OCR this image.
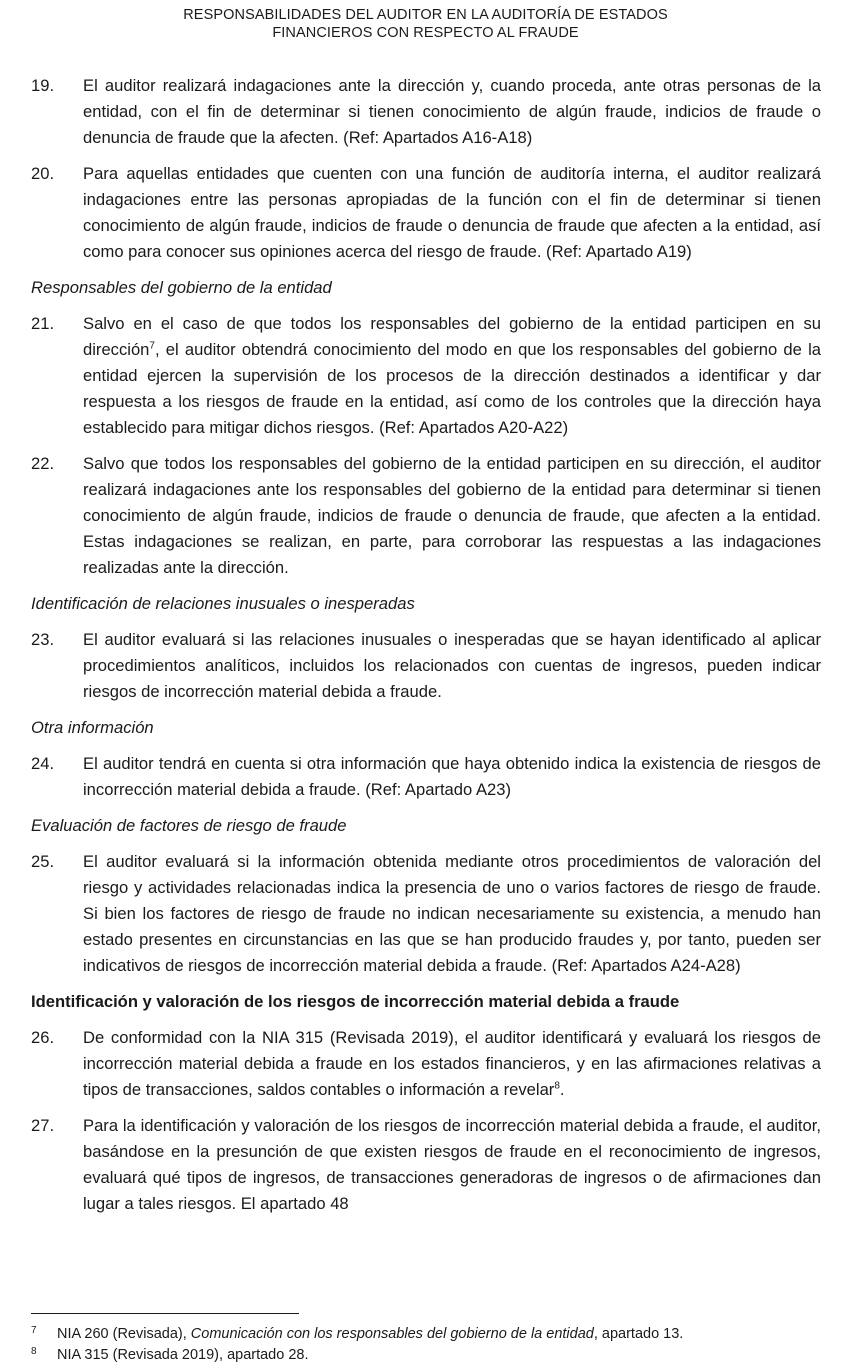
RESPONSABILIDADES DEL AUDITOR EN LA AUDITORÍA DE ESTADOS
FINANCIEROS CON RESPECTO AL FRAUDE
19.	El auditor realizará indagaciones ante la dirección y, cuando proceda, ante otras personas de la entidad, con el fin de determinar si tienen conocimiento de algún fraude, indicios de fraude o denuncia de fraude que la afecten. (Ref: Apartados A16-A18)
20.	Para aquellas entidades que cuenten con una función de auditoría interna, el auditor realizará indagaciones entre las personas apropiadas de la función con el fin de determinar si tienen conocimiento de algún fraude, indicios de fraude o denuncia de fraude que afecten a la entidad, así como para conocer sus opiniones acerca del riesgo de fraude. (Ref: Apartado A19)
Responsables del gobierno de la entidad
21.	Salvo en el caso de que todos los responsables del gobierno de la entidad participen en su dirección$^7$, el auditor obtendrá conocimiento del modo en que los responsables del gobierno de la entidad ejercen la supervisión de los procesos de la dirección destinados a identificar y dar respuesta a los riesgos de fraude en la entidad, así como de los controles que la dirección haya establecido para mitigar dichos riesgos. (Ref: Apartados A20-A22)
22.	Salvo que todos los responsables del gobierno de la entidad participen en su dirección, el auditor realizará indagaciones ante los responsables del gobierno de la entidad para determinar si tienen conocimiento de algún fraude, indicios de fraude o denuncia de fraude, que afecten a la entidad. Estas indagaciones se realizan, en parte, para corroborar las respuestas a las indagaciones realizadas ante la dirección.
Identificación de relaciones inusuales o inesperadas
23.	El auditor evaluará si las relaciones inusuales o inesperadas que se hayan identificado al aplicar procedimientos analíticos, incluidos los relacionados con cuentas de ingresos, pueden indicar riesgos de incorrección material debida a fraude.
Otra información
24.	El auditor tendrá en cuenta si otra información que haya obtenido indica la existencia de riesgos de incorrección material debida a fraude. (Ref: Apartado A23)
Evaluación de factores de riesgo de fraude
25.	El auditor evaluará si la información obtenida mediante otros procedimientos de valoración del riesgo y actividades relacionadas indica la presencia de uno o varios factores de riesgo de fraude. Si bien los factores de riesgo de fraude no indican necesariamente su existencia, a menudo han estado presentes en circunstancias en las que se han producido fraudes y, por tanto, pueden ser indicativos de riesgos de incorrección material debida a fraude. (Ref: Apartados A24-A28)
Identificación y valoración de los riesgos de incorrección material debida a fraude
26.	De conformidad con la NIA 315 (Revisada 2019), el auditor identificará y evaluará los riesgos de incorrección material debida a fraude en los estados financieros, y en las afirmaciones relativas a tipos de transacciones, saldos contables o información a revelar$^8$.
27.	Para la identificación y valoración de los riesgos de incorrección material debida a fraude, el auditor, basándose en la presunción de que existen riesgos de fraude en el reconocimiento de ingresos, evaluará qué tipos de ingresos, de transacciones generadoras de ingresos o de afirmaciones dan lugar a tales riesgos. El apartado 48
7	NIA 260 (Revisada), Comunicación con los responsables del gobierno de la entidad, apartado 13.
8	NIA 315 (Revisada 2019), apartado 28.
